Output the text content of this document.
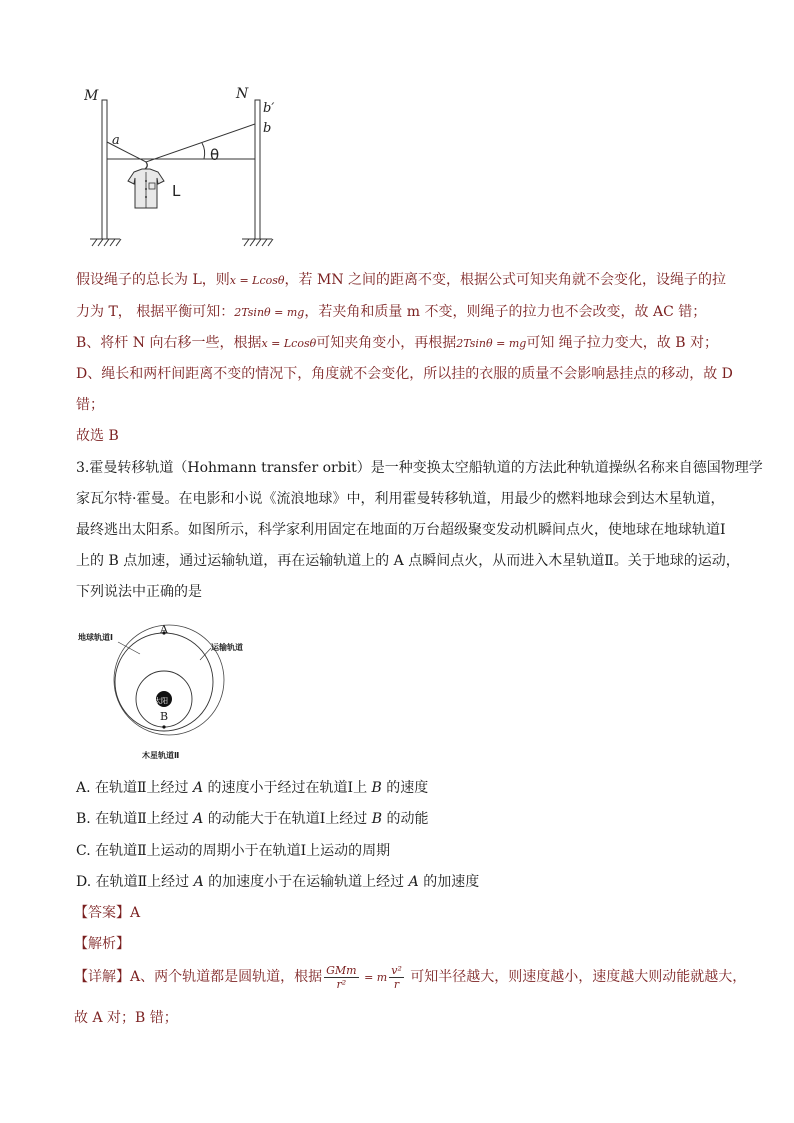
M	N
a
b
b′
θ
L
假设绳子的总长为 L，则x = Lcosθ，若 MN 之间的距离不变，根据公式可知夹角就不会变化，设绳子的拉
力为 T， 根据平衡可知：2Tsinθ = mg，若夹角和质量 m 不变，则绳子的拉力也不会改变，故 AC 错；
B、将杆 N 向右移一些，根据x = Lcosθ可知夹角变小，再根据2Tsinθ = mg可知 绳子拉力变大，故 B 对；
D、绳长和两杆间距离不变的情况下，角度就不会变化，所以挂的衣服的质量不会影响悬挂点的移动，故 D
错；
故选 B
3.霍曼转移轨道（Hohmann transfer orbit）是一种变换太空船轨道的方法此种轨道操纵名称来自德国物理学
家瓦尔特·霍曼。在电影和小说《流浪地球》中，利用霍曼转移轨道，用最少的燃料地球会到达木星轨道，
最终逃出太阳系。如图所示，科学家利用固定在地面的万台超级聚变发动机瞬间点火，使地球在地球轨道Ⅰ
上的 B 点加速，通过运输轨道，再在运输轨道上的 A 点瞬间点火，从而进入木星轨道Ⅱ。关于地球的运动，
下列说法中正确的是
太阳
A
B
地球轨道Ⅰ
运输轨道
木星轨道Ⅱ
A. 在轨道Ⅱ上经过 A 的速度小于经过在轨道Ⅰ上 B 的速度
B. 在轨道Ⅱ上经过 A 的动能大于在轨道Ⅰ上经过 B 的动能
C. 在轨道Ⅱ上运动的周期小于在轨道Ⅰ上运动的周期
D. 在轨道Ⅱ上经过 A 的加速度小于在运输轨道上经过 A 的加速度
【答案】A
【解析】
【详解】A、两个轨道都是圆轨道，根据 $\frac{\text{GMm}}{\text{r²}} = m \frac{\text{v²}}{r}$ 可知半径越大，则速度越小，速度越大则动能就越大，
故 A 对；B 错；
